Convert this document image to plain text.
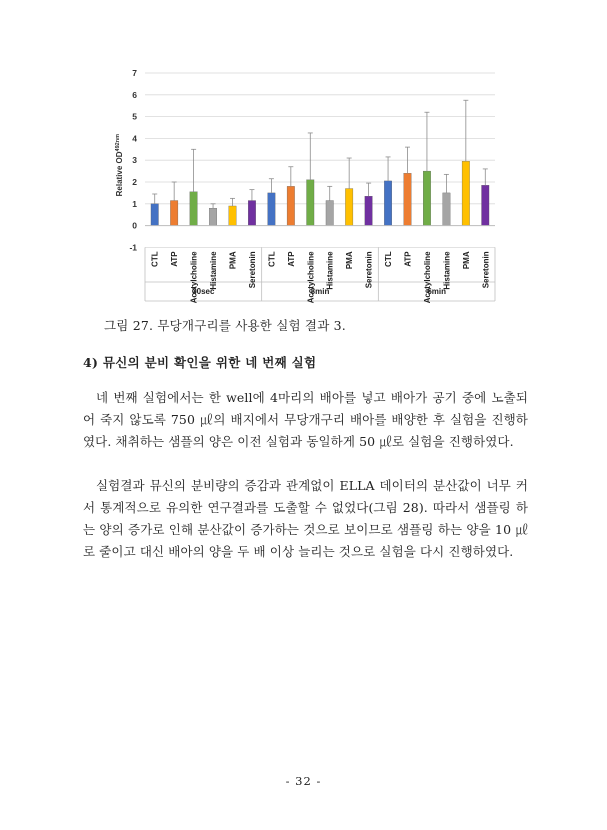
-1
0
1
2
3
4
5
6
7
Relative $OD^{492nm}$
CTL ATP Acetylcholine Histamine PMA Seretonin
30sec
CTL ATP Acetylcholine Histamine PMA Seretonin
3min
CTL ATP Acetylcholine Histamine PMA Seretonin
6min
그림 27. 무당개구리를 사용한 실험 결과 3.
4) 뮤신의 분비 확인을 위한 네 번째 실험

네 번째 실험에서는 한 well에 4마리의 배아를 넣고 배아가 공기 중에 노출되어 죽지 않도록 750 ㎕의 배지에서 무당개구리 배아를 배양한 후 실험을 진행하였다. 채취하는 샘플의 양은 이전 실험과 동일하게 50 ㎕로 실험을 진행하였다.

실험결과 뮤신의 분비량의 증감과 관계없이 ELLA 데이터의 분산값이 너무 커서 통계적으로 유의한 연구결과를 도출할 수 없었다(그림 28). 따라서 샘플링 하는 양의 증가로 인해 분산값이 증가하는 것으로 보이므로 샘플링 하는 양을 10 ㎕로 줄이고 대신 배아의 양을 두 배 이상 늘리는 것으로 실험을 다시 진행하였다.

- 32 -
